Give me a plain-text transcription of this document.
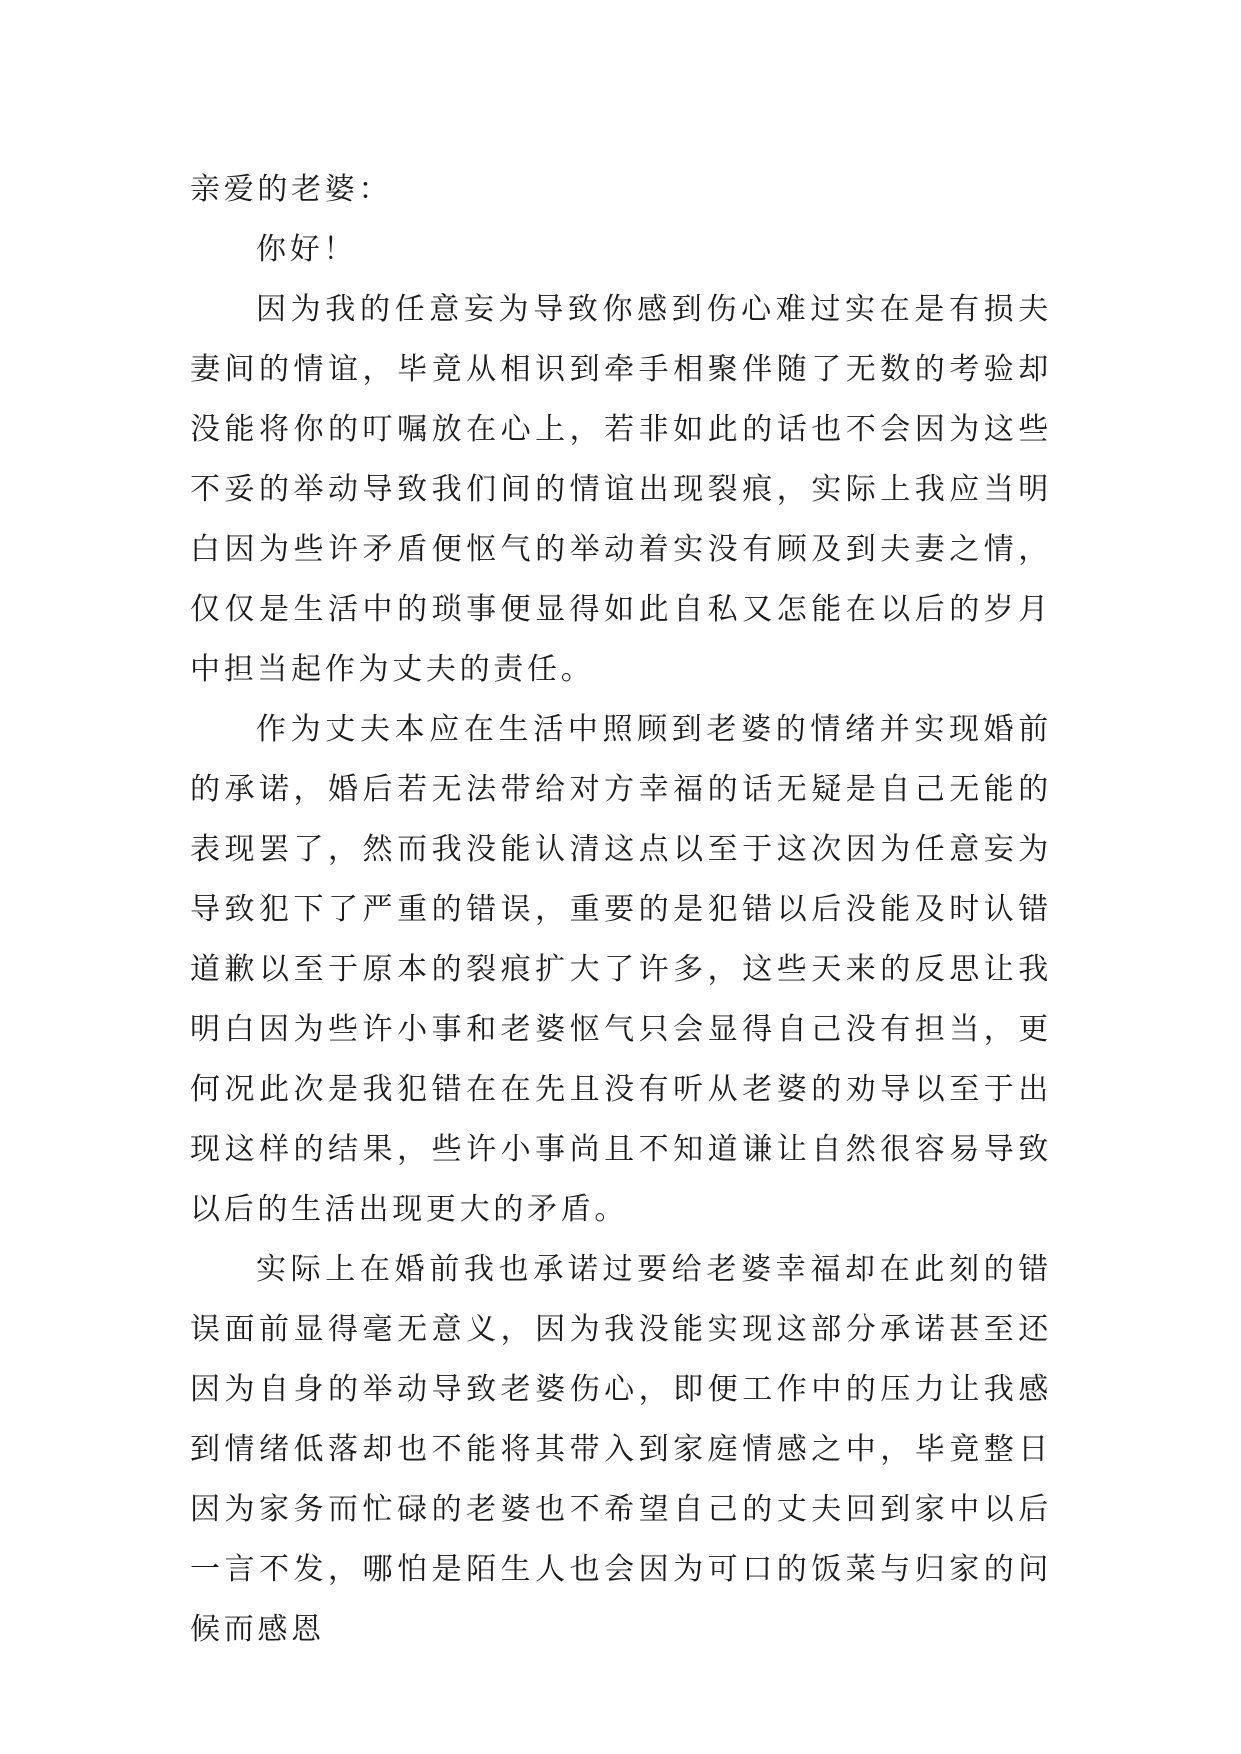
亲爱的老婆：

你好！

因为我的任意妄为导致你感到伤心难过实在是有损夫妻间的情谊，毕竟从相识到牵手相聚伴随了无数的考验却没能将你的叮嘱放在心上，若非如此的话也不会因为这些不妥的举动导致我们间的情谊出现裂痕，实际上我应当明白因为些许矛盾便怄气的举动着实没有顾及到夫妻之情，仅仅是生活中的琐事便显得如此自私又怎能在以后的岁月中担当起作为丈夫的责任。

作为丈夫本应在生活中照顾到老婆的情绪并实现婚前的承诺，婚后若无法带给对方幸福的话无疑是自己无能的表现罢了，然而我没能认清这点以至于这次因为任意妄为导致犯下了严重的错误，重要的是犯错以后没能及时认错道歉以至于原本的裂痕扩大了许多，这些天来的反思让我明白因为些许小事和老婆怄气只会显得自己没有担当，更何况此次是我犯错在在先且没有听从老婆的劝导以至于出现这样的结果，些许小事尚且不知道谦让自然很容易导致以后的生活出现更大的矛盾。

实际上在婚前我也承诺过要给老婆幸福却在此刻的错误面前显得毫无意义，因为我没能实现这部分承诺甚至还因为自身的举动导致老婆伤心，即便工作中的压力让我感到情绪低落却也不能将其带入到家庭情感之中，毕竟整日因为家务而忙碌的老婆也不希望自己的丈夫回到家中以后一言不发，哪怕是陌生人也会因为可口的饭菜与归家的问候而感恩
